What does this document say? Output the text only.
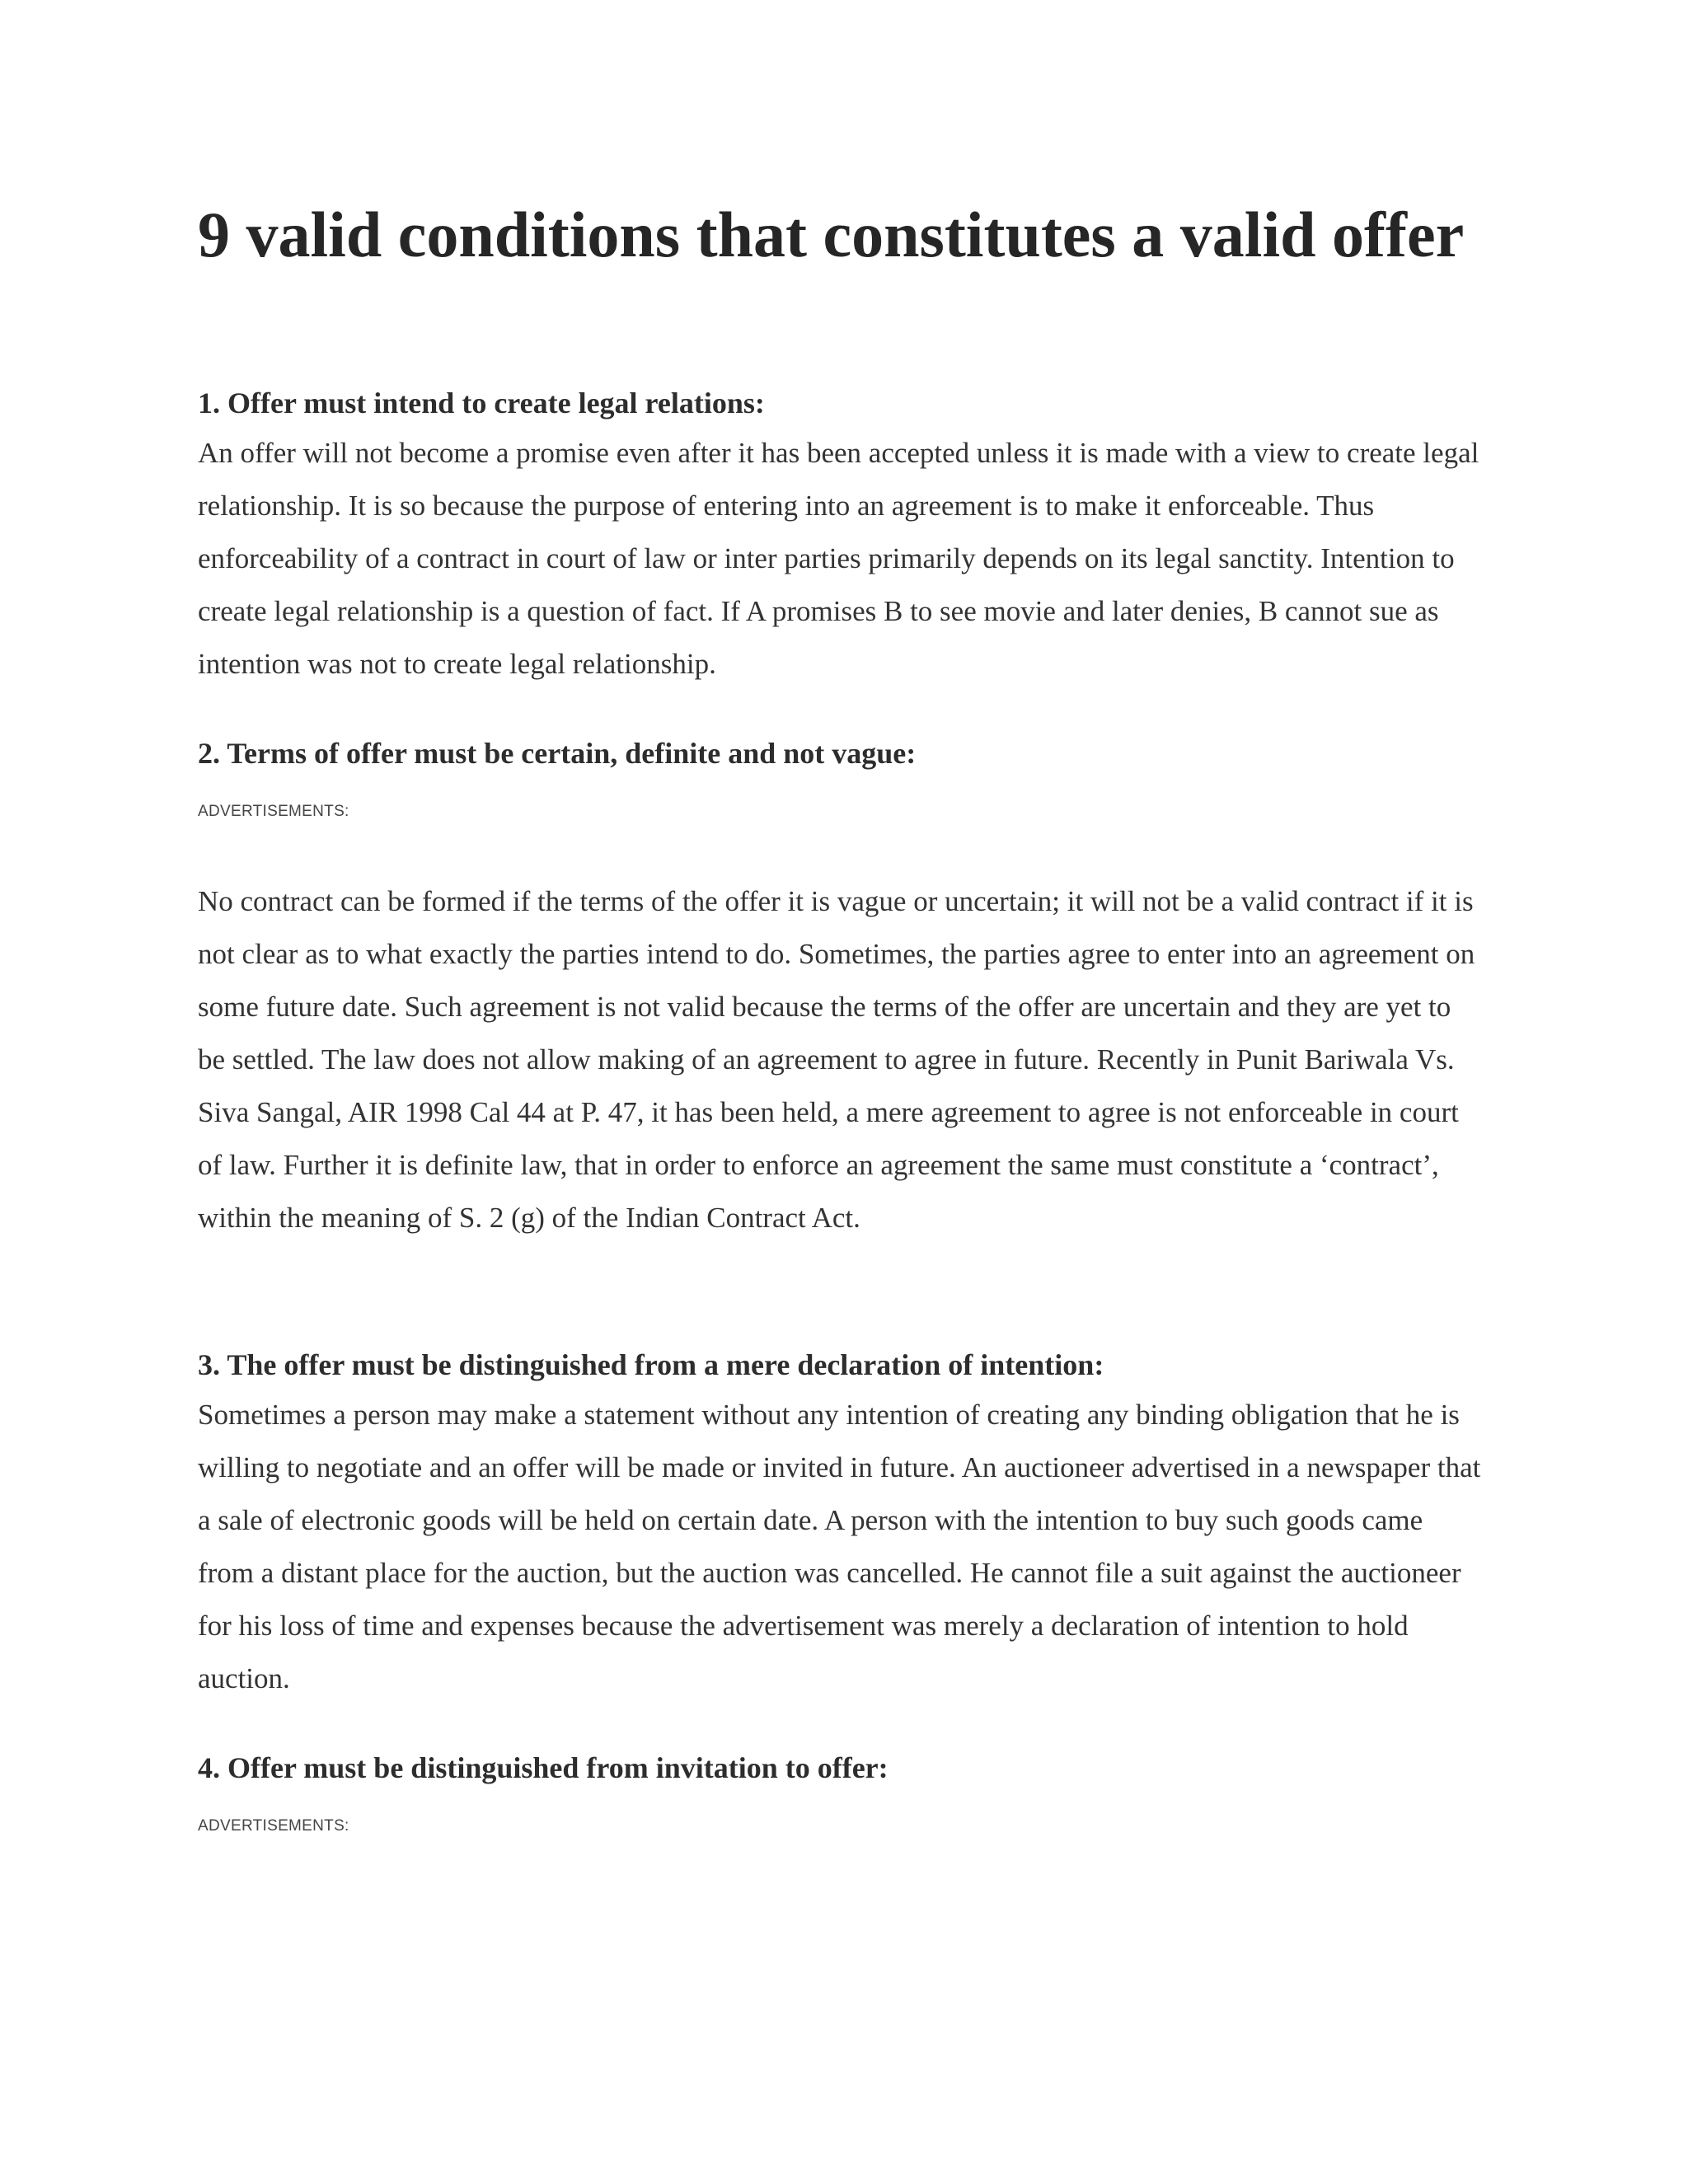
9 valid conditions that constitutes a valid offer
1. Offer must intend to create legal relations:

An offer will not become a promise even after it has been accepted unless it is made with a view to create legal relationship. It is so because the purpose of entering into an agreement is to make it enforceable. Thus enforceability of a contract in court of law or inter parties primarily depends on its legal sanctity. Intention to create legal relationship is a question of fact. If A promises B to see movie and later denies, B cannot sue as intention was not to create legal relationship.

2. Terms of offer must be certain, definite and not vague:

ADVERTISEMENTS:

No contract can be formed if the terms of the offer it is vague or uncertain; it will not be a valid contract if it is not clear as to what exactly the parties intend to do. Sometimes, the parties agree to enter into an agreement on some future date. Such agreement is not valid because the terms of the offer are uncertain and they are yet to be settled. The law does not allow making of an agreement to agree in future. Recently in Punit Bariwala Vs. Siva Sangal, AIR 1998 Cal 44 at P. 47, it has been held, a mere agreement to agree is not enforceable in court of law. Further it is definite law, that in order to enforce an agreement the same must constitute a ‘contract’, within the meaning of S. 2 (g) of the Indian Contract Act.

3. The offer must be distinguished from a mere declaration of intention:

Sometimes a person may make a statement without any intention of creating any binding obligation that he is willing to negotiate and an offer will be made or invited in future. An auctioneer advertised in a newspaper that a sale of electronic goods will be held on certain date. A person with the intention to buy such goods came from a distant place for the auction, but the auction was cancelled. He cannot file a suit against the auctioneer for his loss of time and expenses because the advertisement was merely a declaration of intention to hold auction.

4. Offer must be distinguished from invitation to offer:

ADVERTISEMENTS:
